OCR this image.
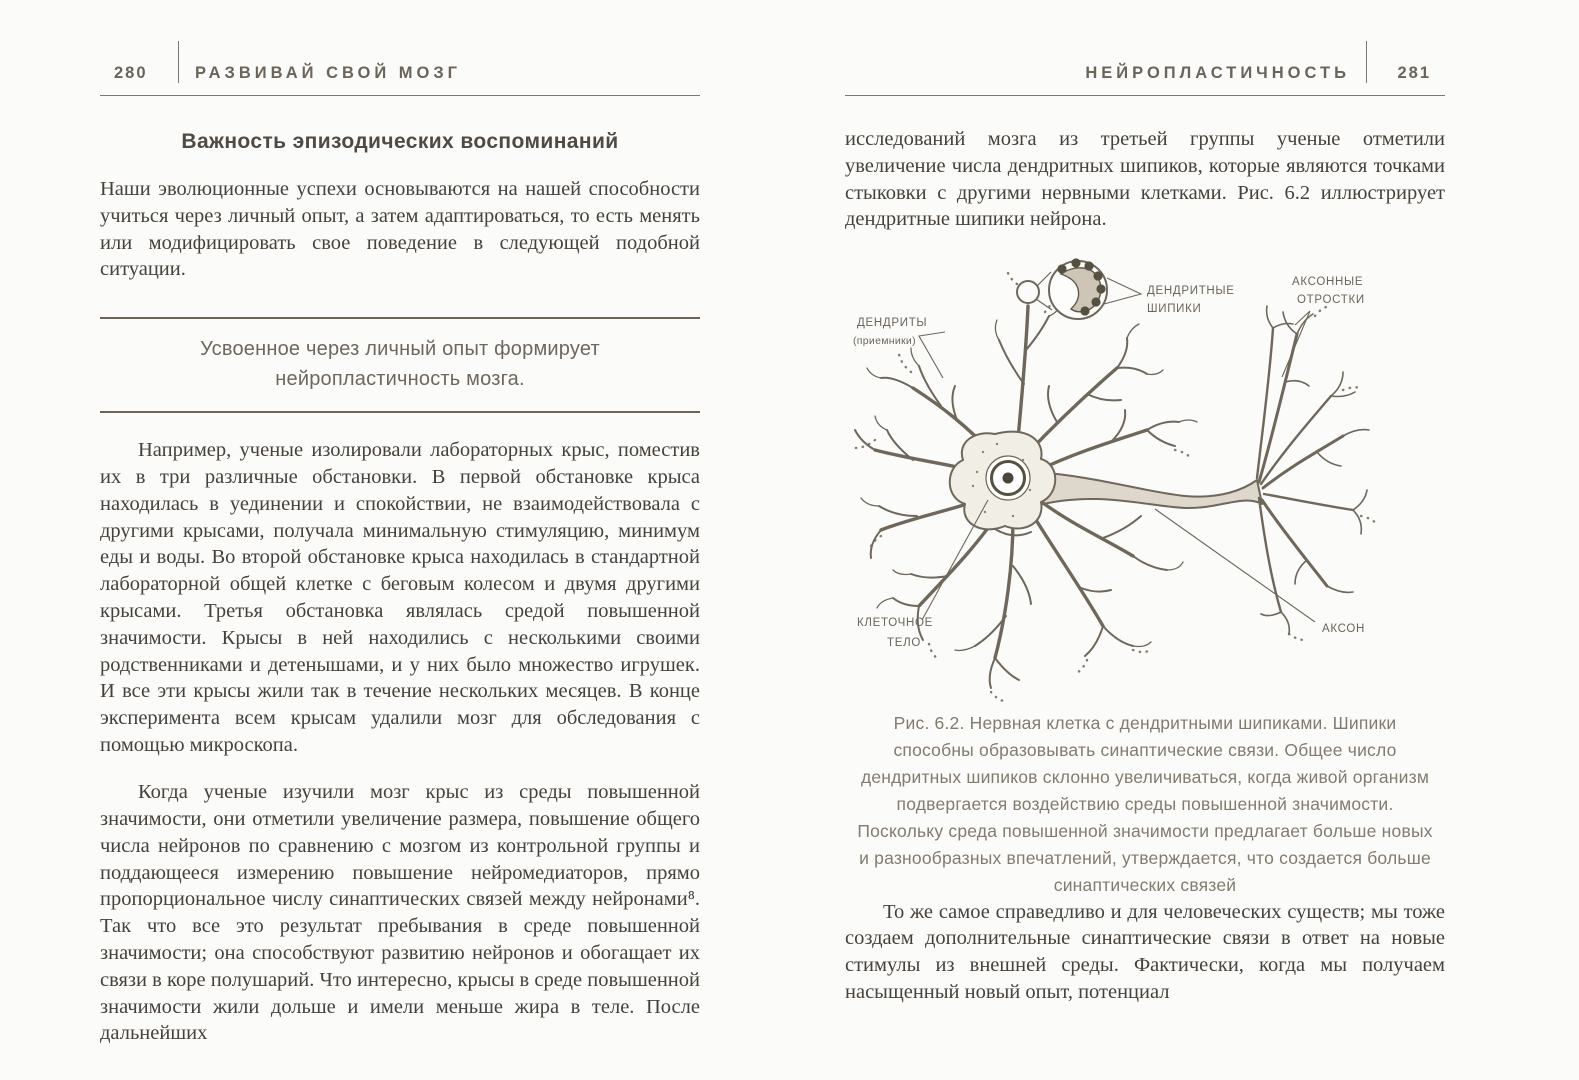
280	РАЗВИВАЙ СВОЙ МОЗГ
Важность эпизодических воспоминаний

Наши эволюционные успехи основываются на нашей способности учиться через личный опыт, а затем адаптироваться, то есть менять или модифицировать свое поведение в следующей подобной ситуации.

Усвоенное через личный опыт формирует нейропластичность мозга.

Например, ученые изолировали лабораторных крыс, поместив их в три различные обстановки. В первой обстановке крыса находилась в уединении и спокойствии, не взаимодействовала с другими крысами, получала минимальную стимуляцию, минимум еды и воды. Во второй обстановке крыса находилась в стандартной лабораторной общей клетке с беговым колесом и двумя другими крысами. Третья обстановка являлась средой повышенной значимости. Крысы в ней находились с несколькими своими родственниками и детенышами, и у них было множество игрушек. И все эти крысы жили так в течение нескольких месяцев. В конце эксперимента всем крысам удалили мозг для обследования с помощью микроскопа.

Когда ученые изучили мозг крыс из среды повышенной значимости, они отметили увеличение размера, повышение общего числа нейронов по сравнению с мозгом из контрольной группы и поддающееся измерению повышение нейромедиаторов, прямо пропорциональное числу синаптических связей между нейронами⁸. Так что все это результат пребывания в среде повышенной значимости; она способствуют развитию нейронов и обогащает их связи в коре полушарий. Что интересно, крысы в среде повышенной значимости жили дольше и имели меньше жира в теле. После дальнейших

НЕЙРОПЛАСТИЧНОСТЬ	281

исследований мозга из третьей группы ученые отметили увеличение числа дендритных шипиков, которые являются точками стыковки с другими нервными клетками. Рис. 6.2 иллюстрирует дендритные шипики нейрона.

ДЕНДРИТЫ
(приемники)
ДЕНДРИТНЫЕ
ШИПИКИ
АКСОННЫЕ
ОТРОСТКИ
КЛЕТОЧНОЕ
ТЕЛО
АКСОН
Рис. 6.2. Нервная клетка с дендритными шипиками. Шипики способны образовывать синаптические связи. Общее число дендритных шипиков склонно увеличиваться, когда живой организм подвергается воздействию среды повышенной значимости. Поскольку среда повышенной значимости предлагает больше новых и разнообразных впечатлений, утверждается, что создается больше синаптических связей

То же самое справедливо и для человеческих существ; мы тоже создаем дополнительные синаптические связи в ответ на новые стимулы из внешней среды. Фактически, когда мы получаем насыщенный новый опыт, потенциал
